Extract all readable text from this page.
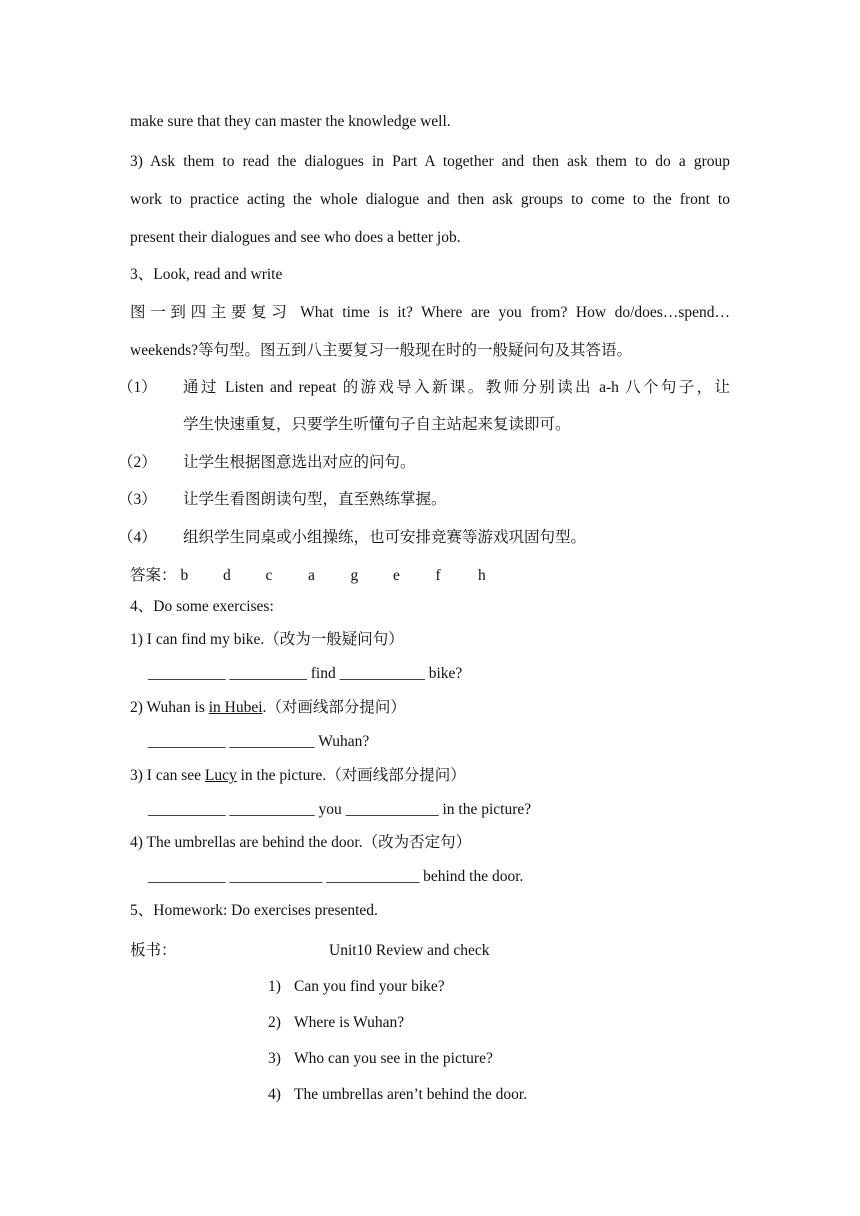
make sure that they can master the knowledge well.
3) Ask them to read the dialogues in Part A together and then ask them to do a group
work to practice acting the whole dialogue and then ask groups to come to the front to
present their dialogues and see who does a better job.
3、Look, read and write
图一到四主要复习 What time is it? Where are you from? How do/does…spend…
weekends?等句型。图五到八主要复习一般现在时的一般疑问句及其答语。
（1） 通过 Listen and repeat 的游戏导入新课。教师分别读出 a-h 八个句子，让
学生快速重复，只要学生听懂句子自主站起来复读即可。
（2） 让学生根据图意选出对应的问句。
（3） 让学生看图朗读句型，直至熟练掌握。
（4） 组织学生同桌或小组操练，也可安排竞赛等游戏巩固句型。
答案： b d c a g e f h
4、Do some exercises:
1) I can find my bike.（改为一般疑问句）
__________ __________ find ___________ bike?
2) Wuhan is in Hubei.（对画线部分提问）
__________ ___________ Wuhan?
3) I can see Lucy in the picture.（对画线部分提问）
__________ ___________ you ____________ in the picture?
4) The umbrellas are behind the door.（改为否定句）
__________ ____________ ____________ behind the door.
5、Homework: Do exercises presented.
板书：	Unit10 Review and check
1) Can you find your bike?
2) Where is Wuhan?
3) Who can you see in the picture?
4) The umbrellas aren’t behind the door.
